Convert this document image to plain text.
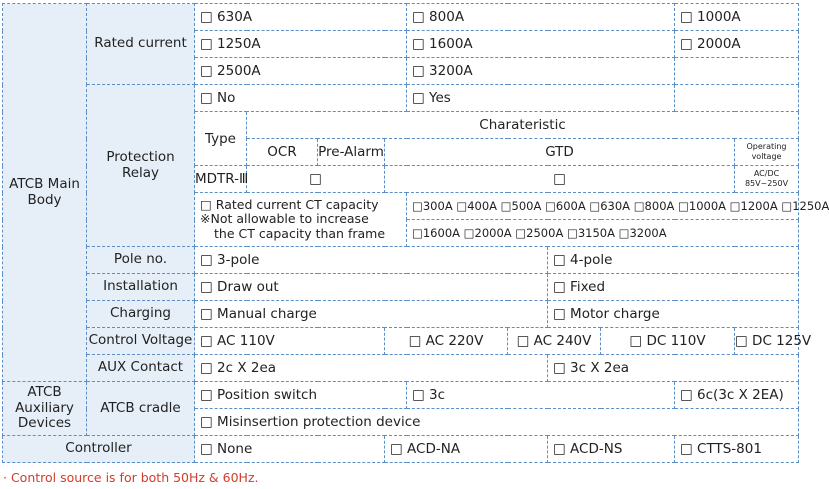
ATCB Main Body	Rated current	□ 630A				□ 800A				□ 1000A	
		□ 1250A				□ 1600A				□ 2000A	
		□ 2500A				□ 3200A					
	Protection Relay	□ No				□ Yes					
		Type	Charateristic								
			OCR	Pre-Alarm	GTD						Operating voltage
		MDTR-Ⅲ	□		□						AC/DC 85V~250V

		□ Rated current CT capacity
※Not allowable to increase
the CT capacity than frame				□300A □400A □500A □600A □630A □800A □1000A □1200A □1250A					
						□1600A □2000A □2500A □3150A □3200A					
	Pole no.	□ 3-pole						□ 4-pole			
	Installation	□ Draw out						□ Fixed			
	Charging	□ Manual charge						□ Motor charge			
	Control Voltage	□ AC 110V			□ AC 220V		□ AC 240V		□ DC 110V		□ DC 125V
	AUX Contact	□ 2c X 2ea						□ 3c X 2ea			
ATCB Auxiliary Devices	ATCB cradle	□ Position switch				□ 3c				□ 6c(3c X 2EA)	
		□ Misinsertion protection device									
Controller		□ None			□ ACD-NA			□ ACD-NS		□ CTTS-801	
· Control source is for both 50Hz & 60Hz.
